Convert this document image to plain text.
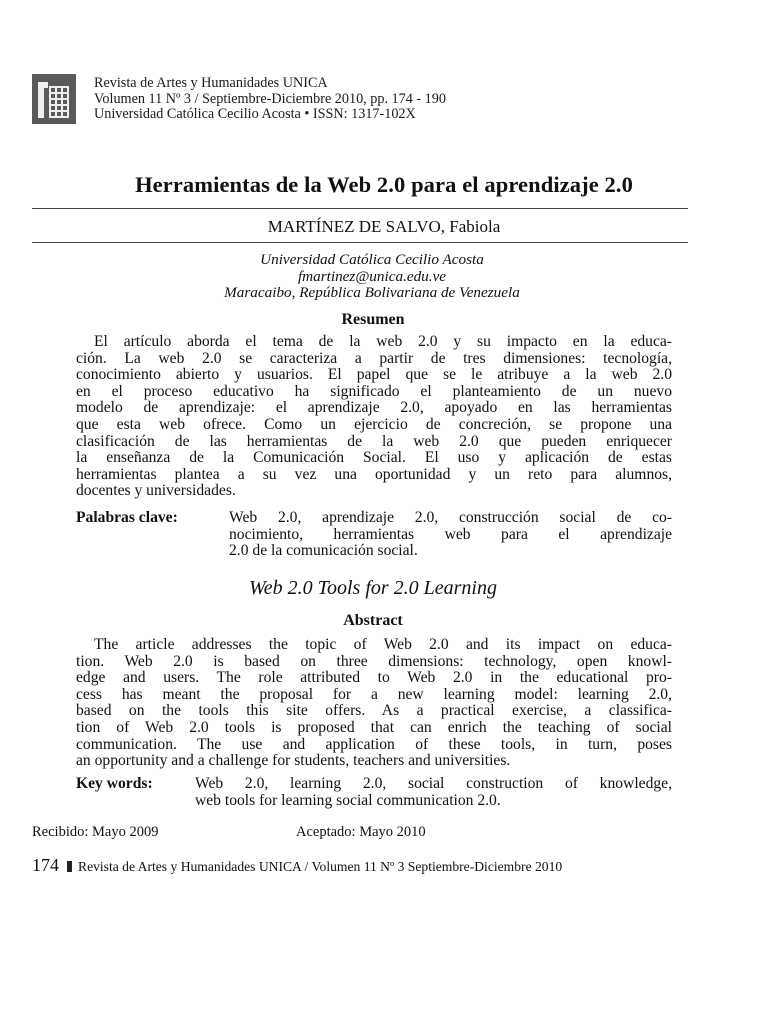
Revista de Artes y Humanidades UNICA
Volumen 11 Nº 3 / Septiembre-Diciembre 2010, pp. 174 - 190
Universidad Católica Cecilio Acosta • ISSN: 1317-102X
Herramientas de la Web 2.0 para el aprendizaje 2.0
MARTÍNEZ DE SALVO, Fabiola
Universidad Católica Cecilio Acosta
fmartinez@unica.edu.ve
Maracaibo, República Bolivariana de Venezuela
Resumen
El artículo aborda el tema de la web 2.0 y su impacto en la educa-
ción. La web 2.0 se caracteriza a partir de tres dimensiones: tecnología,
conocimiento abierto y usuarios. El papel que se le atribuye a la web 2.0
en el proceso educativo ha significado el planteamiento de un nuevo
modelo de aprendizaje: el aprendizaje 2.0, apoyado en las herramientas
que esta web ofrece. Como un ejercicio de concreción, se propone una
clasificación de las herramientas de la web 2.0 que pueden enriquecer
la enseñanza de la Comunicación Social. El uso y aplicación de estas
herramientas plantea a su vez una oportunidad y un reto para alumnos,
docentes y universidades.
Palabras clave:	Web 2.0, aprendizaje 2.0, construcción social de co-
nocimiento, herramientas web para el aprendizaje
2.0 de la comunicación social.
Web 2.0 Tools for 2.0 Learning
Abstract
The article addresses the topic of Web 2.0 and its impact on educa-
tion. Web 2.0 is based on three dimensions: technology, open knowl-
edge and users. The role attributed to Web 2.0 in the educational pro-
cess has meant the proposal for a new learning model: learning 2.0,
based on the tools this site offers. As a practical exercise, a classifica-
tion of Web 2.0 tools is proposed that can enrich the teaching of social
communication. The use and application of these tools, in turn, poses
an opportunity and a challenge for students, teachers and universities.
Key words:	Web 2.0, learning 2.0, social construction of knowledge,
web tools for learning social communication 2.0.
Recibido: Mayo 2009	Aceptado: Mayo 2010
174 Revista de Artes y Humanidades UNICA / Volumen 11 Nº 3 Septiembre-Diciembre 2010
